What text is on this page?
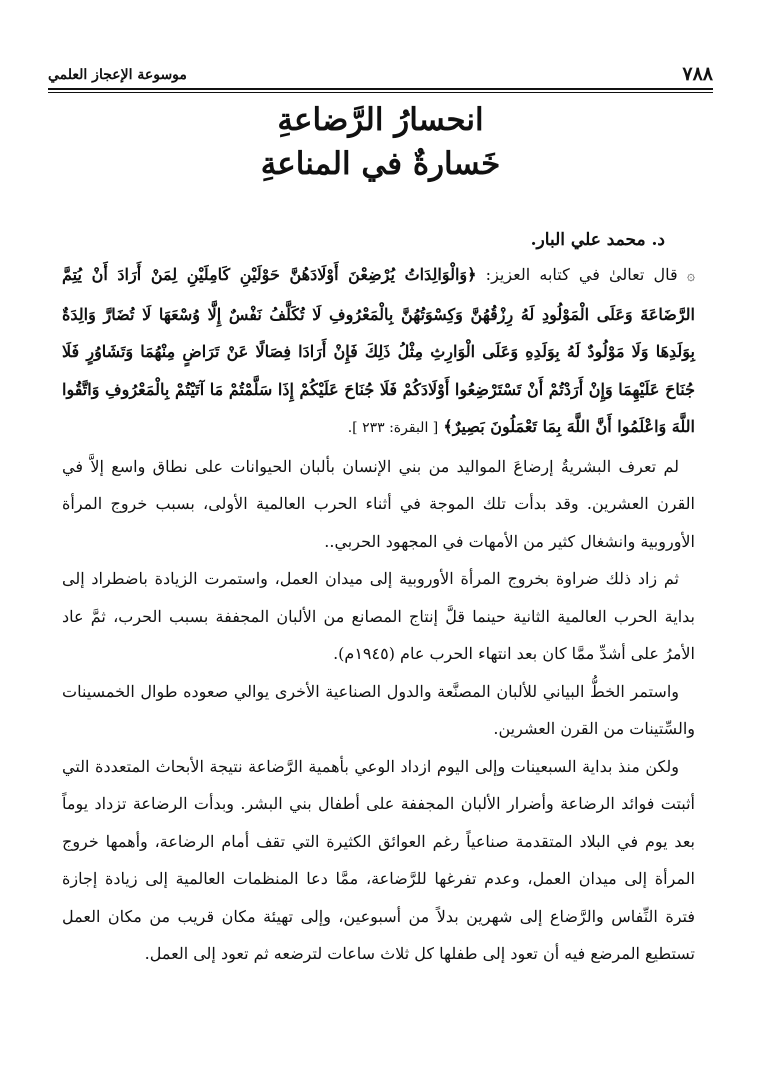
٧٨٨
موسوعة الإعجاز العلمي
انحسارُ الرَّضاعةِ
خَسارةٌ في المناعةِ
د. محمد علي البار.

۞ قال تعالىٰ في كتابه العزيز: ﴿وَالْوَالِدَاتُ يُرْضِعْنَ أَوْلَادَهُنَّ حَوْلَيْنِ كَامِلَيْنِ لِمَنْ أَرَادَ أَنْ يُتِمَّ الرَّضَاعَةَ وَعَلَى الْمَوْلُودِ لَهُ رِزْقُهُنَّ وَكِسْوَتُهُنَّ بِالْمَعْرُوفِ لَا تُكَلَّفُ نَفْسٌ إِلَّا وُسْعَهَا لَا تُضَارَّ وَالِدَةٌ بِوَلَدِهَا وَلَا مَوْلُودٌ لَهُ بِوَلَدِهِ وَعَلَى الْوَارِثِ مِثْلُ ذَلِكَ فَإِنْ أَرَادَا فِصَالًا عَنْ تَرَاضٍ مِنْهُمَا وَتَشَاوُرٍ فَلَا جُنَاحَ عَلَيْهِمَا وَإِنْ أَرَدْتُمْ أَنْ تَسْتَرْضِعُوا أَوْلَادَكُمْ فَلَا جُنَاحَ عَلَيْكُمْ إِذَا سَلَّمْتُمْ مَا آتَيْتُمْ بِالْمَعْرُوفِ وَاتَّقُوا اللَّهَ وَاعْلَمُوا أَنَّ اللَّهَ بِمَا تَعْمَلُونَ بَصِيرٌ﴾ [ البقرة: ٢٣٣ ].

لم تعرف البشريةُ إرضاعَ المواليد من بني الإنسان بألبان الحيوانات على نطاق واسع إلاَّ في القرن العشرين. وقد بدأت تلك الموجة في أثناء الحرب العالمية الأولى، بسبب خروج المرأة الأوروبية وانشغال كثير من الأمهات في المجهود الحربي..

ثم زاد ذلك ضراوة بخروج المرأة الأوروبية إلى ميدان العمل، واستمرت الزيادة باضطراد إلى بداية الحرب العالمية الثانية حينما قلَّ إنتاج المصانع من الألبان المجففة بسبب الحرب، ثمَّ عاد الأمرُ على أشدِّ ممَّا كان بعد انتهاء الحرب عام (١٩٤٥م).

واستمر الخطُّ البياني للألبان المصنَّعة والدول الصناعية الأخرى يوالي صعوده طوال الخمسينات والسِّتينات من القرن العشرين.

ولكن منذ بداية السبعينات وإلى اليوم ازداد الوعي بأهمية الرَّضاعة نتيجة الأبحاث المتعددة التي أثبتت فوائد الرضاعة وأضرار الألبان المجففة على أطفال بني البشر. وبدأت الرضاعة تزداد يوماً بعد يوم في البلاد المتقدمة صناعياً رغم العوائق الكثيرة التي تقف أمام الرضاعة، وأهمها خروج المرأة إلى ميدان العمل، وعدم تفرغها للرَّضاعة، ممَّا دعا المنظمات العالمية إلى زيادة إجازة فترة النِّفاس والرَّضاع إلى شهرين بدلاً من أسبوعين، وإلى تهيئة مكان قريب من مكان العمل تستطيع المرضع فيه أن تعود إلى طفلها كل ثلاث ساعات لترضعه ثم تعود إلى العمل.
